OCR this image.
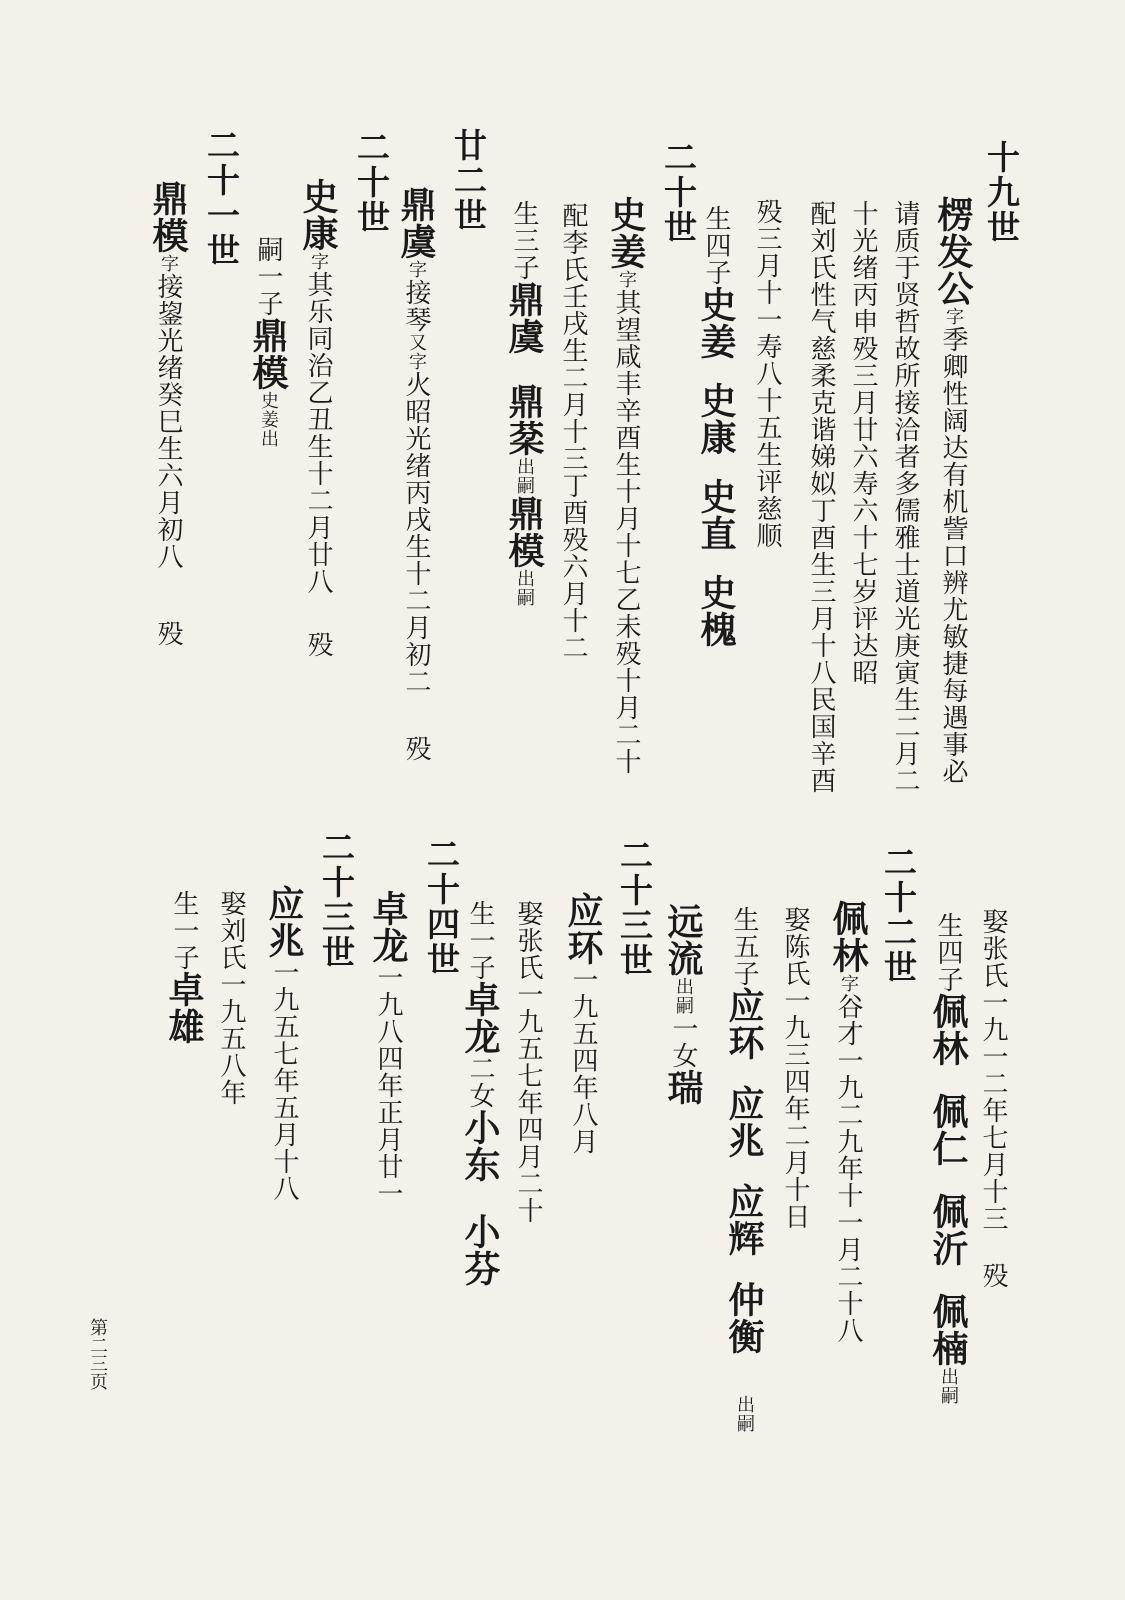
十九世
楞发公字季卿性阔达有机訾口辨尤敏捷每遇事必
请质于贤哲故所接洽者多儒雅士道光庚寅生二月二
十光绪丙申殁三月廿六寿六十七岁评达昭
配刘氏性气慈柔克谐娣姒丁酉生三月十八民国辛酉
殁三月十一寿八十五生评慈顺
生四子史姜史康史直史槐
二十世
史姜字其望咸丰辛酉生十月十七乙未殁十月二十
配李氏壬戌生二月十三丁酉殁六月十二
生三子鼎虞鼎棻出嗣鼎模出嗣
廿二世
鼎虞字接琴又字火昭光绪丙戌生十二月初二殁
二十世
史康字其乐同治乙丑生十二月廿八殁
嗣一子鼎模史姜出
二十一世
鼎模字接鋆光绪癸巳生六月初八殁
娶张氏一九一二年七月十三殁
生四子佩林佩仁佩沂佩楠出嗣
二十二世
佩林字谷才一九二九年十一月二十八
娶陈氏一九三四年二月十日
生五子应环应兆应辉仲衡出嗣
远流出嗣一女瑞
二十三世
应环一九五四年八月
娶张氏一九五七年四月二十
生一子卓龙二女小东小芬
二十四世
卓龙一九八四年正月廿一
二十三世
应兆一九五七年五月十八
娶刘氏一九五八年
生一子卓雄
第二三页
